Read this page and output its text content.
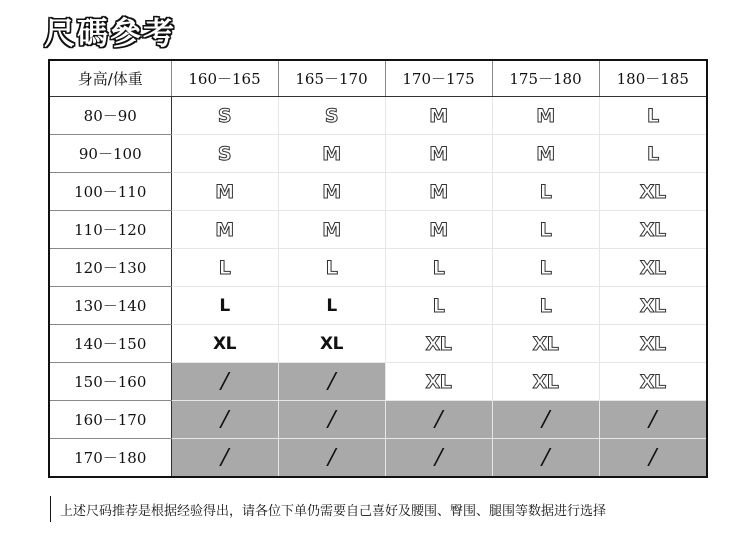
尺碼參考
身高/体重	160－165	165－170	170－175	175－180	180－185
80－90	S	S	M	M	L
90－100	S	M	M	M	L
100－110	M	M	M	L	XL
110－120	M	M	M	L	XL
120－130	L	L	L	L	XL
130－140	L	L	L	L	XL
140－150	XL	XL	XL	XL	XL
150－160	/	/	XL	XL	XL
160－170	/	/	/	/	/
170－180	/	/	/	/	/
上述尺码推荐是根据经验得出，请各位下单仍需要自己喜好及腰围、臀围、腿围等数据进行选择
